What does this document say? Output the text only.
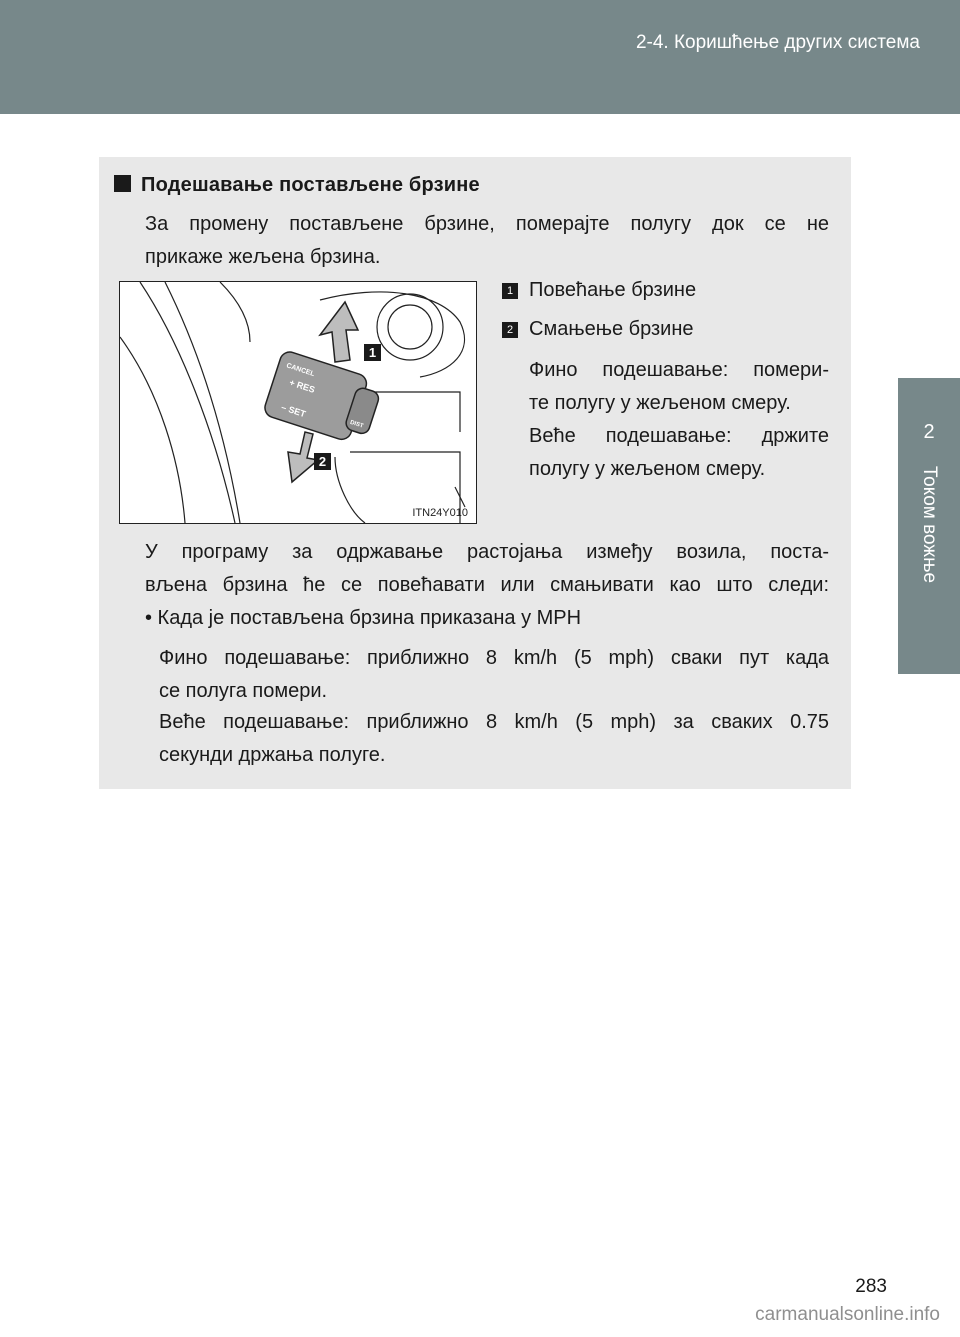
2-4. Коришћење других система
2
Током вожње
Подешавање постављене брзине
За промену постављене брзине, померајте полугу док се не
прикаже жељена брзина.
CANCEL
+ RES
– SET
DIST
1
2
ITN24Y010
1 Повећање брзине
2 Смањење брзине
Фино подешавање: помери-
те полугу у жељеном смеру.
Веће подешавање: држите
полугу у жељеном смеру.
У програму за одржавање растојања између возила, поста-
вљена брзина ће се повећавати или смањивати као што следи:
• Када је постављена брзина приказана у MPH
Фино подешавање: приближно 8 km/h (5 mph) сваки пут када
се полуга помери.
Веће подешавање: приближно 8 km/h (5 mph) за сваких 0.75
секунди држања полуге.
283
carmanualsonline.info
